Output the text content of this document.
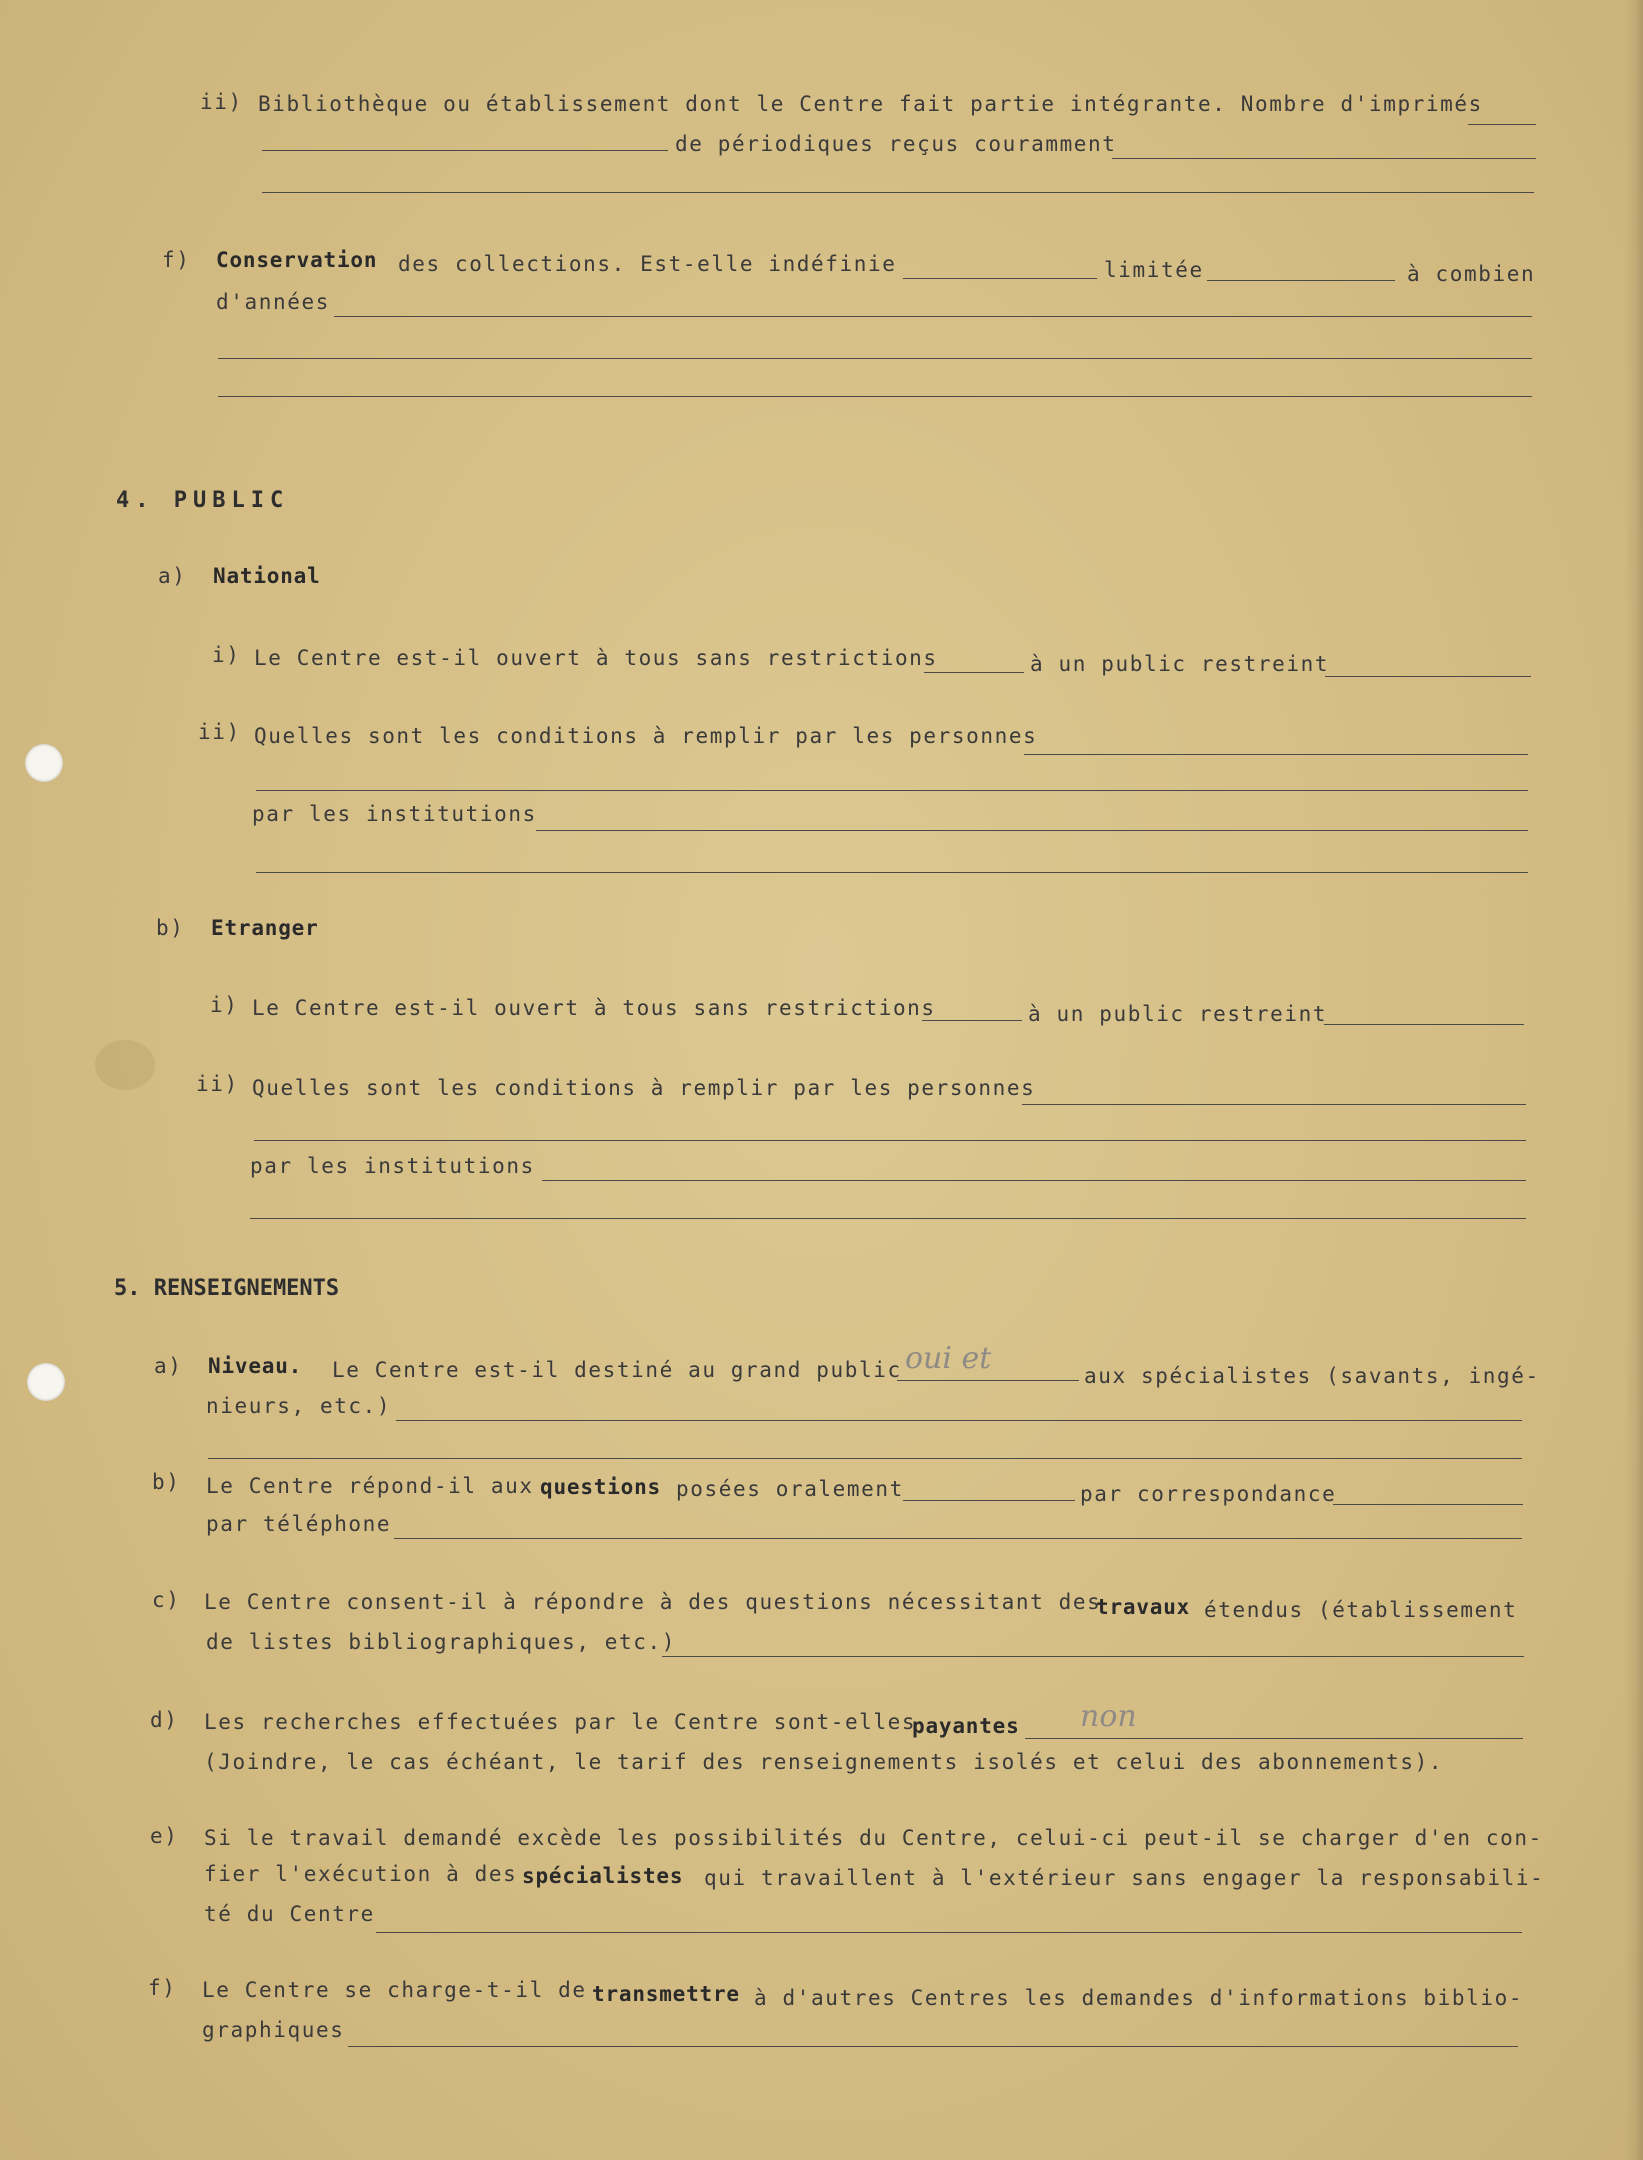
ii) Bibliothèque ou établissement dont le Centre fait partie intégrante. Nombre d'imprimés
de périodiques reçus couramment
f) Conservation des collections. Est-elle indéfinie	limitée	à combien
d'années
4. PUBLIC
a) National
i) Le Centre est-il ouvert à tous sans restrictions	à un public restreint
ii) Quelles sont les conditions à remplir par les personnes
par les institutions
b) Etranger
i) Le Centre est-il ouvert à tous sans restrictions	à un public restreint
ii) Quelles sont les conditions à remplir par les personnes
par les institutions
5. RENSEIGNEMENTS
a) Niveau. Le Centre est-il destiné au grand public oui et	aux spécialistes (savants, ingé-
nieurs, etc.)
b) Le Centre répond-il aux questions posées oralement	par correspondance
par téléphone
c) Le Centre consent-il à répondre à des questions nécessitant des
travaux étendus (établissement
de listes bibliographiques, etc.)
d) Les recherches effectuées par le Centre sont-elles
payantes non
(Joindre, le cas échéant, le tarif des renseignements isolés et celui des abonnements).
e) Si le travail demandé excède les possibilités du Centre, celui-ci peut-il se charger d'en con-
fier l'exécution à des spécialistes qui travaillent à l'extérieur sans engager la responsabili-
té du Centre
f) Le Centre se charge-t-il de transmettre à d'autres Centres les demandes d'informations biblio-
graphiques
